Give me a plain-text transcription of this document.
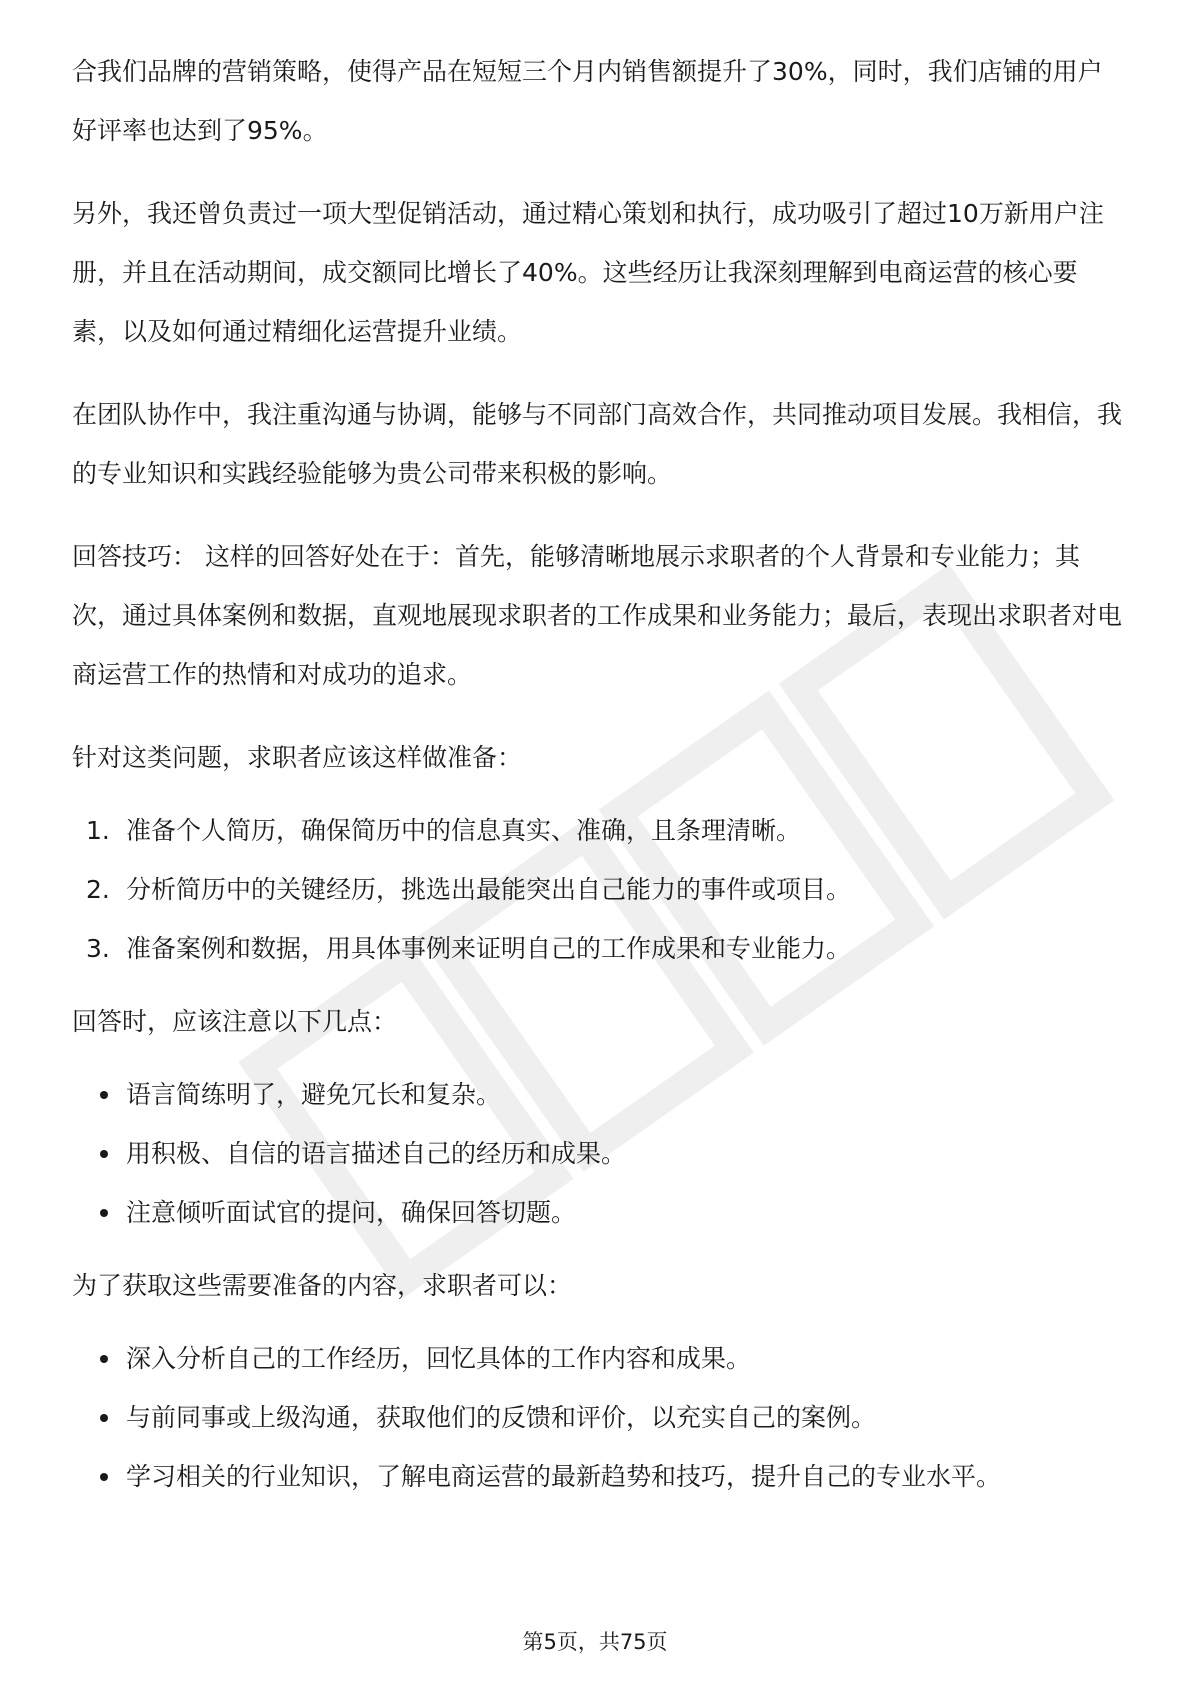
合我们品牌的营销策略，使得产品在短短三个月内销售额提升了30%，同时，我们店铺的用户好评率也达到了95%。

另外，我还曾负责过一项大型促销活动，通过精心策划和执行，成功吸引了超过10万新用户注册，并且在活动期间，成交额同比增长了40%。这些经历让我深刻理解到电商运营的核心要素，以及如何通过精细化运营提升业绩。

在团队协作中，我注重沟通与协调，能够与不同部门高效合作，共同推动项目发展。我相信，我的专业知识和实践经验能够为贵公司带来积极的影响。

回答技巧： 这样的回答好处在于：首先，能够清晰地展示求职者的个人背景和专业能力；其次，通过具体案例和数据，直观地展现求职者的工作成果和业务能力；最后，表现出求职者对电商运营工作的热情和对成功的追求。

针对这类问题，求职者应该这样做准备：

1. 准备个人简历，确保简历中的信息真实、准确，且条理清晰。
2. 分析简历中的关键经历，挑选出最能突出自己能力的事件或项目。
3. 准备案例和数据，用具体事例来证明自己的工作成果和专业能力。

回答时，应该注意以下几点：

语言简练明了，避免冗长和复杂。
用积极、自信的语言描述自己的经历和成果。
注意倾听面试官的提问，确保回答切题。

为了获取这些需要准备的内容，求职者可以：

深入分析自己的工作经历，回忆具体的工作内容和成果。
与前同事或上级沟通，获取他们的反馈和评价，以充实自己的案例。
学习相关的行业知识，了解电商运营的最新趋势和技巧，提升自己的专业水平。
第5页，共75页
